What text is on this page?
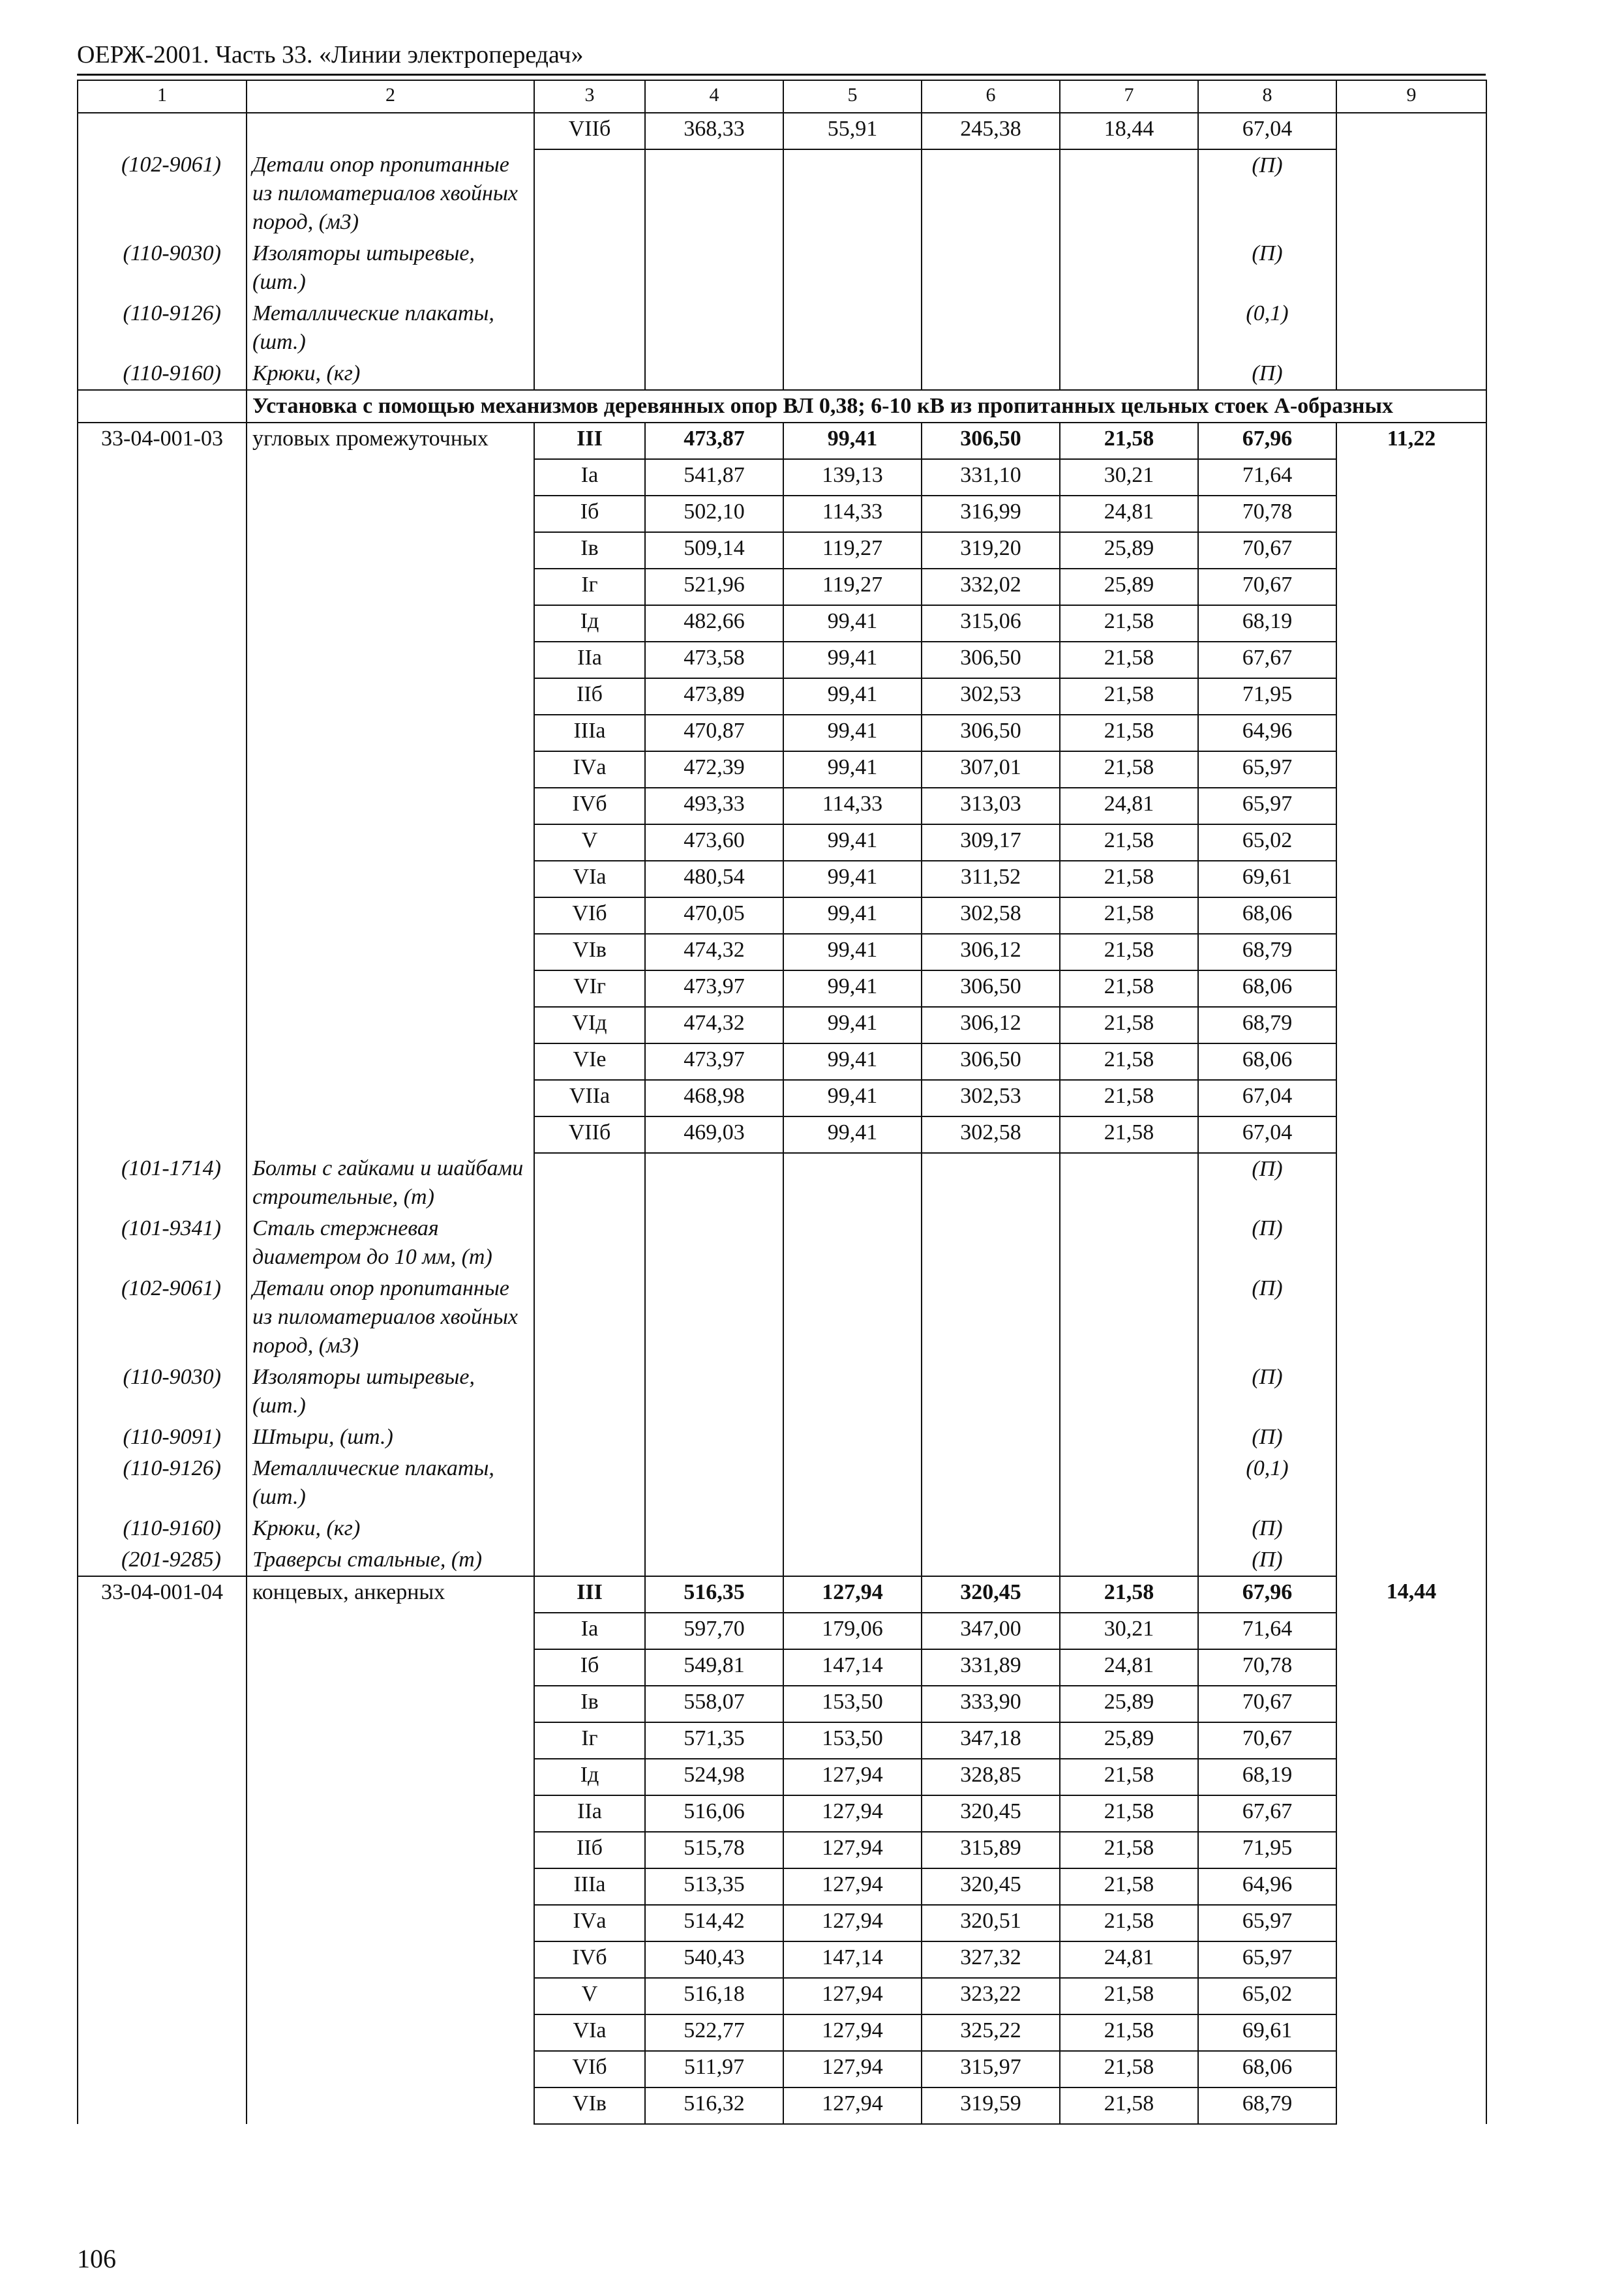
ОЕРЖ-2001. Часть 33. «Линии электропередач»
1	2	3	4	5	6	7	8	9
		VIIб	368,33	55,91	245,38	18,44	67,04	
(102-9061)	Детали опор пропитанные из пиломатериалов хвойных пород, (м3)						(П)	
(110-9030)	Изоляторы штыревые, (шт.)						(П)	
(110-9126)	Металлические плакаты, (шт.)						(0,1)	
(110-9160)	Крюки, (кг)						(П)	
	Установка с помощью механизмов деревянных опор ВЛ 0,38; 6-10 кВ из пропитанных цельных стоек А-образных							
33-04-001-03	угловых промежуточных	III	473,87	99,41	306,50	21,58	67,96	11,22
		Iа	541,87	139,13	331,10	30,21	71,64	
		Iб	502,10	114,33	316,99	24,81	70,78	
		Iв	509,14	119,27	319,20	25,89	70,67	
		Iг	521,96	119,27	332,02	25,89	70,67	
		Iд	482,66	99,41	315,06	21,58	68,19	
		IIа	473,58	99,41	306,50	21,58	67,67	
		IIб	473,89	99,41	302,53	21,58	71,95	
		IIIа	470,87	99,41	306,50	21,58	64,96	
		IVа	472,39	99,41	307,01	21,58	65,97	
		IVб	493,33	114,33	313,03	24,81	65,97	
		V	473,60	99,41	309,17	21,58	65,02	
		VIа	480,54	99,41	311,52	21,58	69,61	
		VIб	470,05	99,41	302,58	21,58	68,06	
		VIв	474,32	99,41	306,12	21,58	68,79	
		VIг	473,97	99,41	306,50	21,58	68,06	
		VIд	474,32	99,41	306,12	21,58	68,79	
		VIе	473,97	99,41	306,50	21,58	68,06	
		VIIа	468,98	99,41	302,53	21,58	67,04	
		VIIб	469,03	99,41	302,58	21,58	67,04	
(101-1714)	Болты с гайками и шайбами строительные, (т)						(П)	
(101-9341)	Сталь стержневая диаметром до 10 мм, (т)						(П)	
(102-9061)	Детали опор пропитанные из пиломатериалов хвойных пород, (м3)						(П)	
(110-9030)	Изоляторы штыревые, (шт.)						(П)	
(110-9091)	Штыри, (шт.)						(П)	
(110-9126)	Металлические плакаты, (шт.)						(0,1)	
(110-9160)	Крюки, (кг)						(П)	
(201-9285)	Траверсы стальные, (т)						(П)	
33-04-001-04	концевых, анкерных	III	516,35	127,94	320,45	21,58	67,96	14,44
		Iа	597,70	179,06	347,00	30,21	71,64	
		Iб	549,81	147,14	331,89	24,81	70,78	
		Iв	558,07	153,50	333,90	25,89	70,67	
		Iг	571,35	153,50	347,18	25,89	70,67	
		Iд	524,98	127,94	328,85	21,58	68,19	
		IIа	516,06	127,94	320,45	21,58	67,67	
		IIб	515,78	127,94	315,89	21,58	71,95	
		IIIа	513,35	127,94	320,45	21,58	64,96	
		IVа	514,42	127,94	320,51	21,58	65,97	
		IVб	540,43	147,14	327,32	24,81	65,97	
		V	516,18	127,94	323,22	21,58	65,02	
		VIа	522,77	127,94	325,22	21,58	69,61	
		VIб	511,97	127,94	315,97	21,58	68,06	
		VIв	516,32	127,94	319,59	21,58	68,79	
106
